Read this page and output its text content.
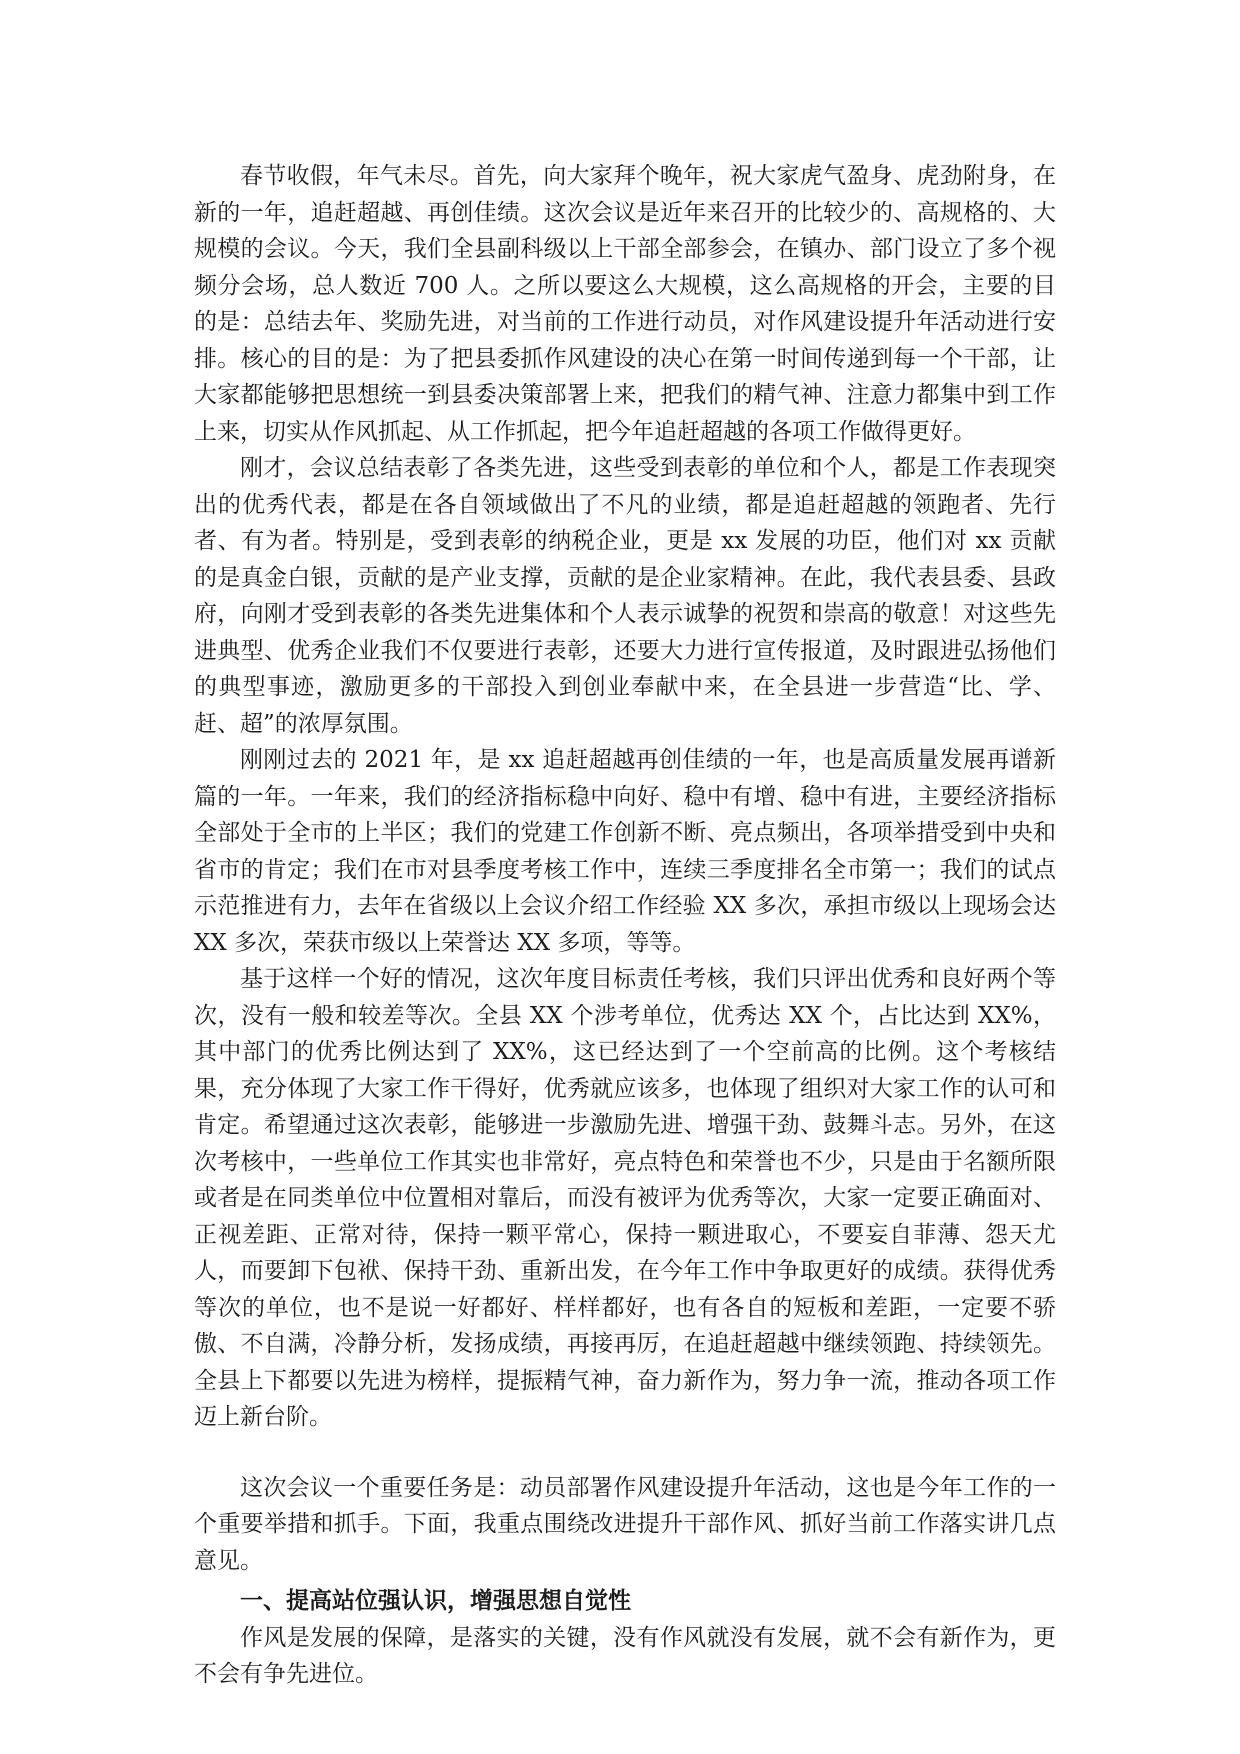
春节收假，年气未尽。首先，向大家拜个晚年，祝大家虎气盈身、虎劲附身，在新的一年，追赶超越、再创佳绩。这次会议是近年来召开的比较少的、高规格的、大规模的会议。今天，我们全县副科级以上干部全部参会，在镇办、部门设立了多个视频分会场，总人数近 700 人。之所以要这么大规模，这么高规格的开会，主要的目的是：总结去年、奖励先进，对当前的工作进行动员，对作风建设提升年活动进行安排。核心的目的是：为了把县委抓作风建设的决心在第一时间传递到每一个干部，让大家都能够把思想统一到县委决策部署上来，把我们的精气神、注意力都集中到工作上来，切实从作风抓起、从工作抓起，把今年追赶超越的各项工作做得更好。

刚才，会议总结表彰了各类先进，这些受到表彰的单位和个人，都是工作表现突出的优秀代表，都是在各自领域做出了不凡的业绩，都是追赶超越的领跑者、先行者、有为者。特别是，受到表彰的纳税企业，更是 xx 发展的功臣，他们对 xx 贡献的是真金白银，贡献的是产业支撑，贡献的是企业家精神。在此，我代表县委、县政府，向刚才受到表彰的各类先进集体和个人表示诚挚的祝贺和崇高的敬意！对这些先进典型、优秀企业我们不仅要进行表彰，还要大力进行宣传报道，及时跟进弘扬他们的典型事迹，激励更多的干部投入到创业奉献中来，在全县进一步营造“比、学、赶、超”的浓厚氛围。

刚刚过去的 2021 年，是 xx 追赶超越再创佳绩的一年，也是高质量发展再谱新篇的一年。一年来，我们的经济指标稳中向好、稳中有增、稳中有进，主要经济指标全部处于全市的上半区；我们的党建工作创新不断、亮点频出，各项举措受到中央和省市的肯定；我们在市对县季度考核工作中，连续三季度排名全市第一；我们的试点示范推进有力，去年在省级以上会议介绍工作经验 XX 多次，承担市级以上现场会达 XX 多次，荣获市级以上荣誉达 XX 多项，等等。

基于这样一个好的情况，这次年度目标责任考核，我们只评出优秀和良好两个等次，没有一般和较差等次。全县 XX 个涉考单位，优秀达 XX 个，占比达到 XX%，其中部门的优秀比例达到了 XX%，这已经达到了一个空前高的比例。这个考核结果，充分体现了大家工作干得好，优秀就应该多，也体现了组织对大家工作的认可和肯定。希望通过这次表彰，能够进一步激励先进、增强干劲、鼓舞斗志。另外，在这次考核中，一些单位工作其实也非常好，亮点特色和荣誉也不少，只是由于名额所限或者是在同类单位中位置相对靠后，而没有被评为优秀等次，大家一定要正确面对、正视差距、正常对待，保持一颗平常心，保持一颗进取心，不要妄自菲薄、怨天尤人，而要卸下包袱、保持干劲、重新出发，在今年工作中争取更好的成绩。获得优秀等次的单位，也不是说一好都好、样样都好，也有各自的短板和差距，一定要不骄傲、不自满，冷静分析，发扬成绩，再接再厉，在追赶超越中继续领跑、持续领先。全县上下都要以先进为榜样，提振精气神，奋力新作为，努力争一流，推动各项工作迈上新台阶。

这次会议一个重要任务是：动员部署作风建设提升年活动，这也是今年工作的一个重要举措和抓手。下面，我重点围绕改进提升干部作风、抓好当前工作落实讲几点意见。

一、提高站位强认识，增强思想自觉性

作风是发展的保障，是落实的关键，没有作风就没有发展，就不会有新作为，更不会有争先进位。
